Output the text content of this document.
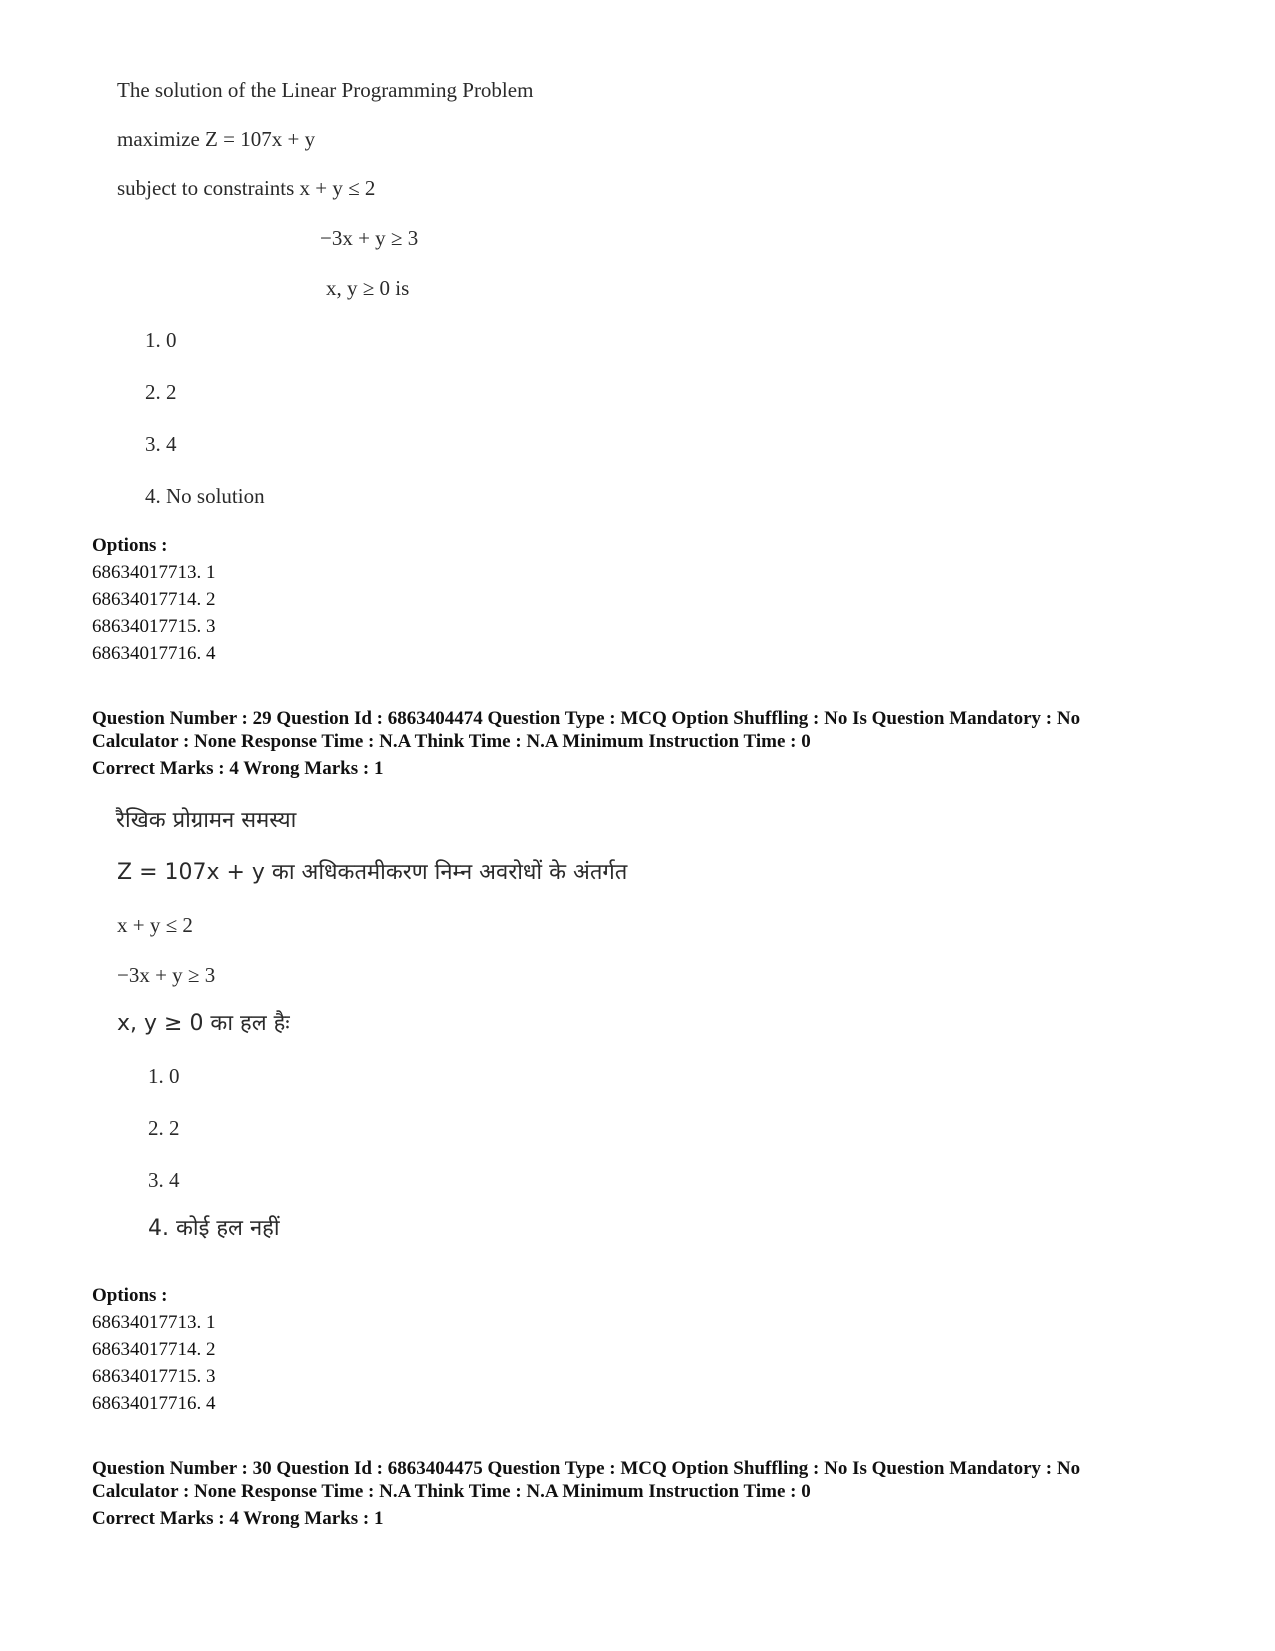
The solution of the Linear Programming Problem
maximize Z = 107x + y
subject to constraints x + y ≤ 2
−3x + y ≥ 3
x, y ≥ 0 is
1. 0
2. 2
3. 4
4. No solution
Options :
68634017713. 1
68634017714. 2
68634017715. 3
68634017716. 4
Question Number : 29 Question Id : 6863404474 Question Type : MCQ Option Shuffling : No Is Question Mandatory : No
Calculator : None Response Time : N.A Think Time : N.A Minimum Instruction Time : 0
Correct Marks : 4 Wrong Marks : 1
रैखिक प्रोग्रामन समस्या
Z = 107x + y का अधिकतमीकरण निम्न अवरोधों के अंतर्गत
x + y ≤ 2
−3x + y ≥ 3
x, y ≥ 0 का हल हैः
1. 0
2. 2
3. 4
4. कोई हल नहीं
Options :
68634017713. 1
68634017714. 2
68634017715. 3
68634017716. 4
Question Number : 30 Question Id : 6863404475 Question Type : MCQ Option Shuffling : No Is Question Mandatory : No
Calculator : None Response Time : N.A Think Time : N.A Minimum Instruction Time : 0
Correct Marks : 4 Wrong Marks : 1
